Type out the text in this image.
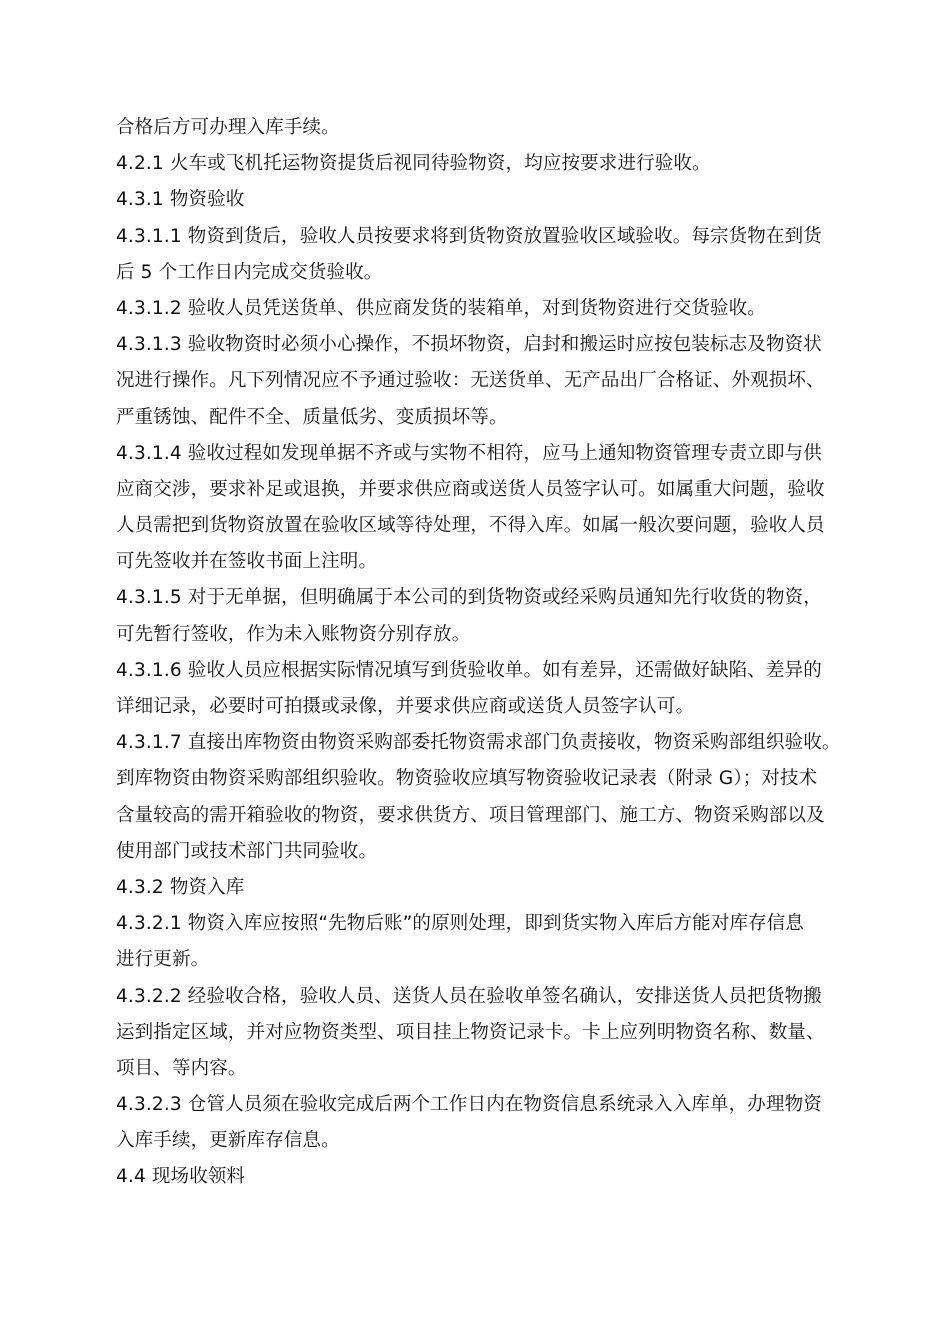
合格后方可办理入库手续。
4.2.1 火车或飞机托运物资提货后视同待验物资，均应按要求进行验收。
4.3.1 物资验收
4.3.1.1 物资到货后，验收人员按要求将到货物资放置验收区域验收。每宗货物在到货
后 5 个工作日内完成交货验收。
4.3.1.2 验收人员凭送货单、供应商发货的装箱单，对到货物资进行交货验收。
4.3.1.3 验收物资时必须小心操作，不损坏物资，启封和搬运时应按包装标志及物资状
况进行操作。凡下列情况应不予通过验收：无送货单、无产品出厂合格证、外观损坏、
严重锈蚀、配件不全、质量低劣、变质损坏等。
4.3.1.4 验收过程如发现单据不齐或与实物不相符，应马上通知物资管理专责立即与供
应商交涉，要求补足或退换，并要求供应商或送货人员签字认可。如属重大问题，验收
人员需把到货物资放置在验收区域等待处理，不得入库。如属一般次要问题，验收人员
可先签收并在签收书面上注明。
4.3.1.5 对于无单据，但明确属于本公司的到货物资或经采购员通知先行收货的物资，
可先暂行签收，作为未入账物资分别存放。
4.3.1.6 验收人员应根据实际情况填写到货验收单。如有差异，还需做好缺陷、差异的
详细记录，必要时可拍摄或录像，并要求供应商或送货人员签字认可。
4.3.1.7 直接出库物资由物资采购部委托物资需求部门负责接收，物资采购部组织验收。
到库物资由物资采购部组织验收。物资验收应填写物资验收记录表（附录 G）；对技术
含量较高的需开箱验收的物资，要求供货方、项目管理部门、施工方、物资采购部以及
使用部门或技术部门共同验收。
4.3.2 物资入库
4.3.2.1 物资入库应按照“先物后账”的原则处理，即到货实物入库后方能对库存信息
进行更新。
4.3.2.2 经验收合格，验收人员、送货人员在验收单签名确认，安排送货人员把货物搬
运到指定区域，并对应物资类型、项目挂上物资记录卡。卡上应列明物资名称、数量、
项目、等内容。
4.3.2.3 仓管人员须在验收完成后两个工作日内在物资信息系统录入入库单，办理物资
入库手续，更新库存信息。
4.4 现场收领料
